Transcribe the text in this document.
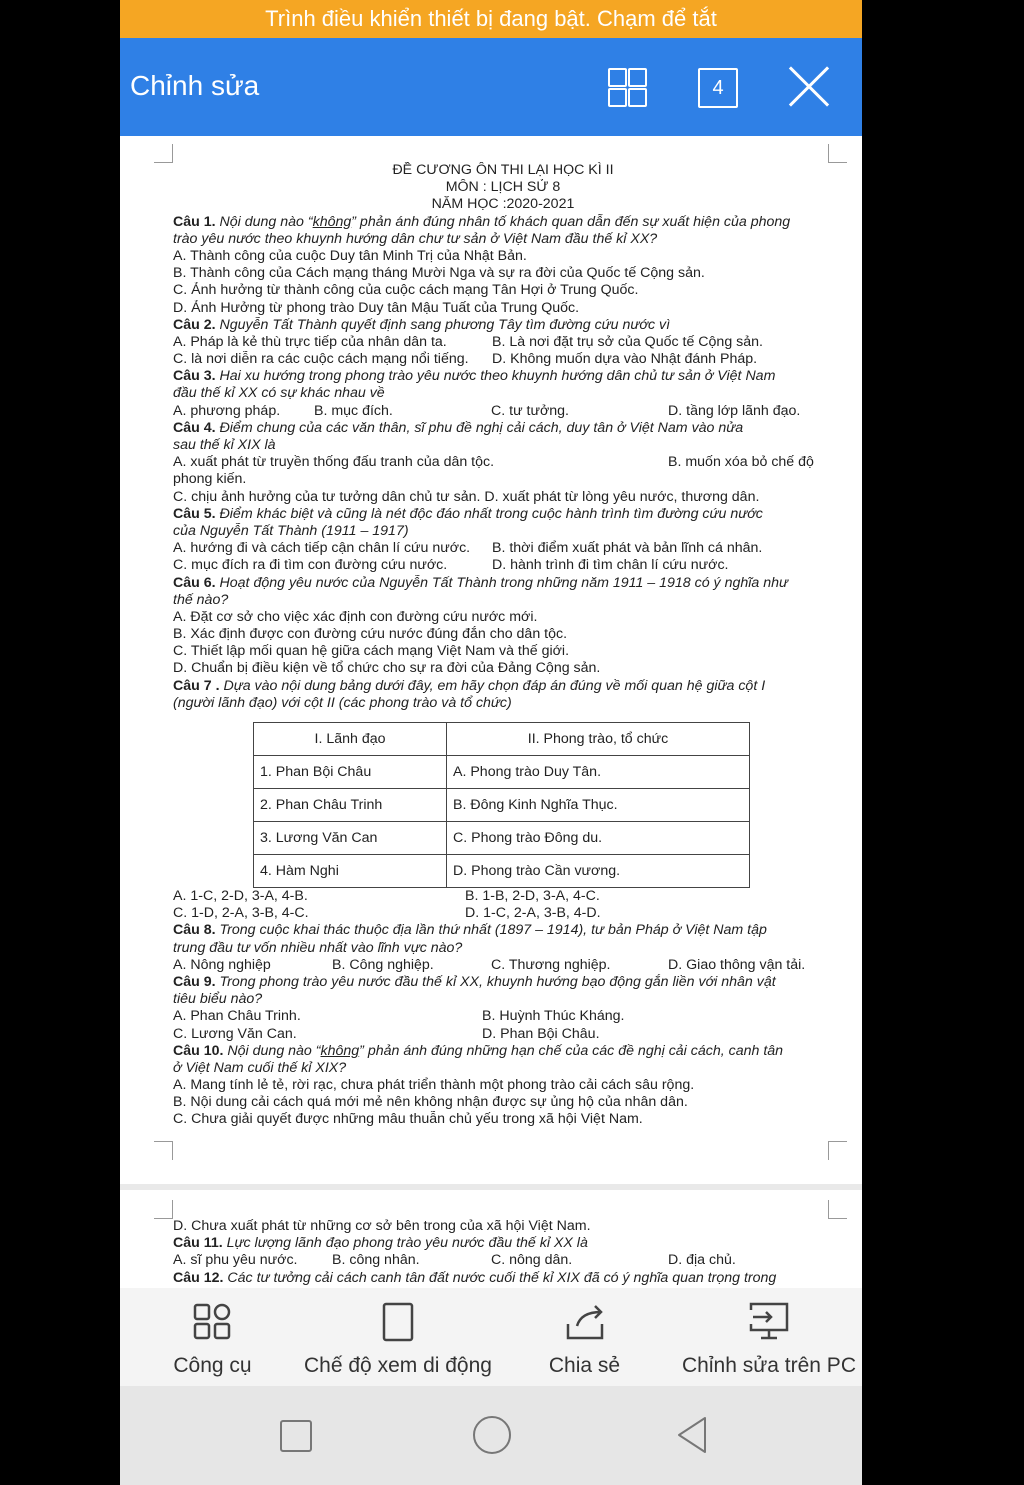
Trình điều khiển thiết bị đang bật. Chạm để tắt
Chỉnh sửa	4
ĐỀ CƯƠNG ÔN THI LẠI HỌC KÌ II
MÔN : LỊCH SỬ 8
NĂM HỌC :2020-2021
Câu 1. Nội dung nào “không” phản ánh đúng nhân tố khách quan dẫn đến sự xuất hiện của phong
trào yêu nước theo khuynh hướng dân chư tư sản ở Việt Nam đầu thế kỉ XX?
A. Thành công của cuộc Duy tân Minh Trị của Nhật Bản.
B. Thành công của Cách mạng tháng Mười Nga và sự ra đời của Quốc tế Cộng sản.
C. Ảnh hưởng từ thành công của cuộc cách mạng Tân Hợi ở Trung Quốc.
D. Ảnh Hưởng từ phong trào Duy tân Mậu Tuất của Trung Quốc.
Câu 2. Nguyễn Tất Thành quyết định sang phương Tây tìm đường cứu nước vì
A. Pháp là kẻ thù trực tiếp của nhân dân ta.	B. Là nơi đặt trụ sở của Quốc tế Cộng sản.
C. là nơi diễn ra các cuộc cách mạng nổi tiếng. D. Không muốn dựa vào Nhật đánh Pháp.
Câu 3. Hai xu hướng trong phong trào yêu nước theo khuynh hướng dân chủ tư sản ở Việt Nam
đầu thế kỉ XX có sự khác nhau về
A. phương pháp. B. mục đích.	C. tư tưởng.	D. tầng lớp lãnh đạo.
Câu 4. Điểm chung của các văn thân, sĩ phu đề nghị cải cách, duy tân ở Việt Nam vào nửa
sau thế kỉ XIX là
A. xuất phát từ truyền thống đấu tranh của dân tộc.	B. muốn xóa bỏ chế độ
phong kiến.
C. chịu ảnh hưởng của tư tưởng dân chủ tư sản. D. xuất phát từ lòng yêu nước, thương dân.
Câu 5. Điểm khác biệt và cũng là nét độc đáo nhất trong cuộc hành trình tìm đường cứu nước
của Nguyễn Tất Thành (1911 – 1917)
A. hướng đi và cách tiếp cận chân lí cứu nước. B. thời điểm xuất phát và bản lĩnh cá nhân.
C. mục đích ra đi tìm con đường cứu nước.	D. hành trình đi tìm chân lí cứu nước.
Câu 6. Hoạt động yêu nước của Nguyễn Tất Thành trong những năm 1911 – 1918 có ý nghĩa như
thế nào?
A. Đặt cơ sở cho việc xác định con đường cứu nước mới.
B. Xác định được con đường cứu nước đúng đắn cho dân tộc.
C. Thiết lập mối quan hệ giữa cách mạng Việt Nam và thế giới.
D. Chuẩn bị điều kiện về tổ chức cho sự ra đời của Đảng Cộng sản.
Câu 7 . Dựa vào nội dung bảng dưới đây, em hãy chọn đáp án đúng về mối quan hệ giữa cột I
(người lãnh đạo) với cột II (các phong trào và tổ chức)
I. Lãnh đạo	II. Phong trào, tổ chức
1. Phan Bội Châu	A. Phong trào Duy Tân.
2. Phan Châu Trinh	B. Đông Kinh Nghĩa Thục.
3. Lương Văn Can	C. Phong trào Đông du.
4. Hàm Nghi	D. Phong trào Cần vương.
A. 1-C, 2-D, 3-A, 4-B.	B. 1-B, 2-D, 3-A, 4-C.
C. 1-D, 2-A, 3-B, 4-C.	D. 1-C, 2-A, 3-B, 4-D.
Câu 8. Trong cuộc khai thác thuộc địa lần thứ nhất (1897 – 1914), tư bản Pháp ở Việt Nam tập
trung đầu tư vốn nhiều nhất vào lĩnh vực nào?
A. Nông nghiệp	B. Công nghiệp.	C. Thương nghiệp.	D. Giao thông vận tải.
Câu 9. Trong phong trào yêu nước đầu thế kỉ XX, khuynh hướng bạo động gắn liền với nhân vật
tiêu biểu nào?
A. Phan Châu Trinh.	B. Huỳnh Thúc Kháng.
C. Lương Văn Can.	D. Phan Bội Châu.
Câu 10. Nội dung nào “không” phản ánh đúng những hạn chế của các đề nghị cải cách, canh tân
ở Việt Nam cuối thế kỉ XIX?
A. Mang tính lẻ tẻ, rời rạc, chưa phát triển thành một phong trào cải cách sâu rộng.
B. Nội dung cải cách quá mới mẻ nên không nhận được sự ủng hộ của nhân dân.
C. Chưa giải quyết được những mâu thuẫn chủ yếu trong xã hội Việt Nam.
D. Chưa xuất phát từ những cơ sở bên trong của xã hội Việt Nam.
Câu 11. Lực lượng lãnh đạo phong trào yêu nước đầu thế kỉ XX là
A. sĩ phu yêu nước. B. công nhân.	C. nông dân.	D. địa chủ.
Câu 12. Các tư tưởng cải cách canh tân đất nước cuối thế kỉ XIX đã có ý nghĩa quan trọng trong
Công cụ	Chế độ xem di động	Chia sẻ	Chỉnh sửa trên PC
